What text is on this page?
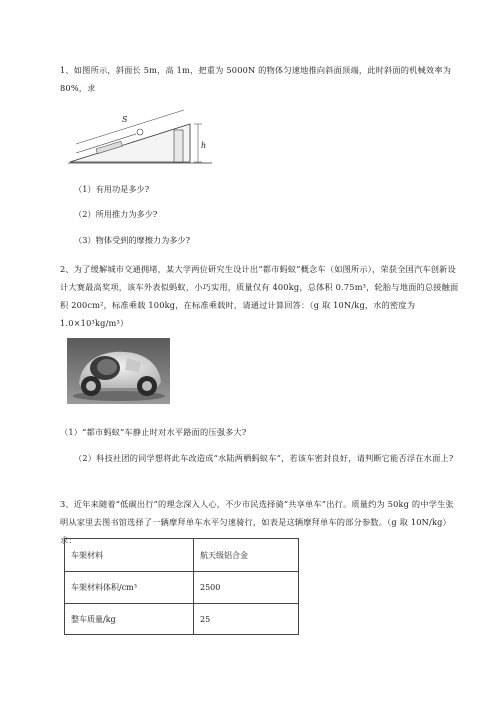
1、如图所示，斜面长 5m，高 1m，把重为 5000N 的物体匀速地推向斜面顶端，此时斜面的机械效率为 80%，求
S
h
（1）有用功是多少?
（2）所用推力为多少?
（3）物体受到的摩擦力为多少?
2、为了缓解城市交通拥堵，某大学两位研究生设计出“都市蚂蚁”概念车（如图所示），荣获全国汽车创新设计大赛最高奖项，该车外表似蚂蚁，小巧实用，质量仅有 400kg，总体积 0.75m³，轮胎与地面的总接触面积 200cm²，标准乘载 100kg，在标准乘载时，请通过计算回答：（g 取 10N/kg，水的密度为 1.0×10³kg/m³）
（1）“都市蚂蚁”车静止时对水平路面的压强多大?
（2）科技社团的同学想将此车改造成“水陆两栖蚂蚁车”，若该车密封良好，请判断它能否浮在水面上?
3、近年来随着“低碳出行”的理念深入人心，不少市民选择骑“共享单车”出行。质量约为 50kg 的中学生张明从家里去图书馆选择了一辆摩拜单车水平匀速骑行，如表是这辆摩拜单车的部分参数。（g 取 10N/kg） 求：
车架材料	航天级铝合金
车架材料体积/cm³	2500
整车质量/kg	25
